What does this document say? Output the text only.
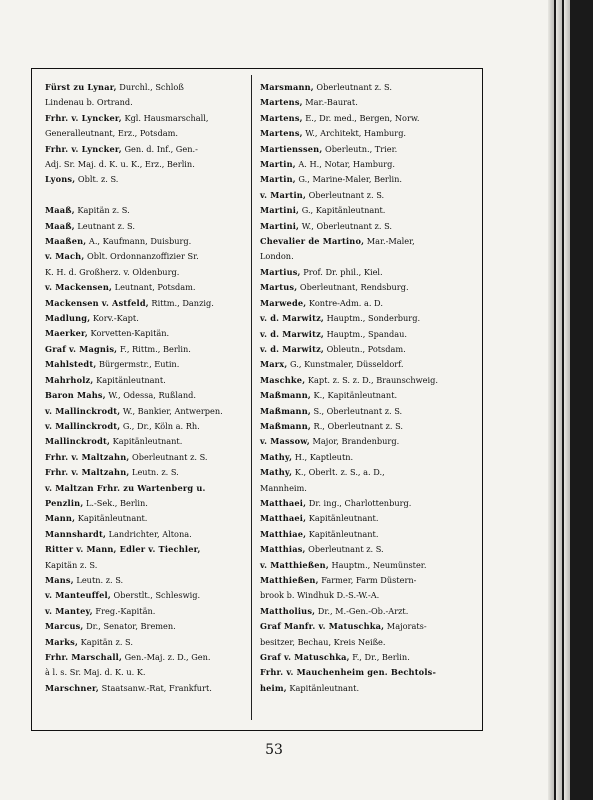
Fürst zu Lynar, Durchl., Schloß
Lindenau b. Ortrand.
Frhr. v. Lyncker, Kgl. Hausmarschall,
Generalleutnant, Erz., Potsdam.
Frhr. v. Lyncker, Gen. d. Inf., Gen.-
Adj. Sr. Maj. d. K. u. K., Erz., Berlin.
Lyons, Oblt. z. S.
Maaß, Kapitän z. S.
Maaß, Leutnant z. S.
Maaßen, A., Kaufmann, Duisburg.
v. Mach, Oblt. Ordonnanzoffizier Sr.
K. H. d. Großherz. v. Oldenburg.
v. Mackensen, Leutnant, Potsdam.
Mackensen v. Astfeld, Rittm., Danzig.
Madlung, Korv.-Kapt.
Maerker, Korvetten-Kapitän.
Graf v. Magnis, F., Rittm., Berlin.
Mahlstedt, Bürgermstr., Eutin.
Mahrholz, Kapitänleutnant.
Baron Mahs, W., Odessa, Rußland.
v. Mallinckrodt, W., Bankier, Antwerpen.
v. Mallinckrodt, G., Dr., Köln a. Rh.
Mallinckrodt, Kapitänleutnant.
Frhr. v. Maltzahn, Oberleutnant z. S.
Frhr. v. Maltzahn, Leutn. z. S.
v. Maltzan Frhr. zu Wartenberg u.
Penzlin, L.-Sek., Berlin.
Mann, Kapitänleutnant.
Mannshardt, Landrichter, Altona.
Ritter v. Mann, Edler v. Tiechler,
Kapitän z. S.
Mans, Leutn. z. S.
v. Manteuffel, Oberstlt., Schleswig.
v. Mantey, Freg.-Kapitän.
Marcus, Dr., Senator, Bremen.
Marks, Kapitän z. S.
Frhr. Marschall, Gen.-Maj. z. D., Gen.
à l. s. Sr. Maj. d. K. u. K.
Marschner, Staatsanw.-Rat, Frankfurt.
Marsmann, Oberleutnant z. S.
Martens, Mar.-Baurat.
Martens, E., Dr. med., Bergen, Norw.
Martens, W., Architekt, Hamburg.
Martienssen, Oberleutn., Trier.
Martin, A. H., Notar, Hamburg.
Martin, G., Marine-Maler, Berlin.
v. Martin, Oberleutnant z. S.
Martini, G., Kapitänleutnant.
Martini, W., Oberleutnant z. S.
Chevalier de Martino, Mar.-Maler,
London.
Martius, Prof. Dr. phil., Kiel.
Martus, Oberleutnant, Rendsburg.
Marwede, Kontre-Adm. a. D.
v. d. Marwitz, Hauptm., Sonderburg.
v. d. Marwitz, Hauptm., Spandau.
v. d. Marwitz, Obleutn., Potsdam.
Marx, G., Kunstmaler, Düsseldorf.
Maschke, Kapt. z. S. z. D., Braunschweig.
Maßmann, K., Kapitänleutnant.
Maßmann, S., Oberleutnant z. S.
Maßmann, R., Oberleutnant z. S.
v. Massow, Major, Brandenburg.
Mathy, H., Kaptleutn.
Mathy, K., Oberlt. z. S., a. D.,
Mannheim.
Matthaei, Dr. ing., Charlottenburg.
Matthaei, Kapitänleutnant.
Matthiae, Kapitänleutnant.
Matthias, Oberleutnant z. S.
v. Matthießen, Hauptm., Neumünster.
Matthießen, Farmer, Farm Düstern-
brook b. Windhuk D.-S.-W.-A.
Mattholius, Dr., M.-Gen.-Ob.-Arzt.
Graf Manfr. v. Matuschka, Majorats-
besitzer, Bechau, Kreis Neiße.
Graf v. Matuschka, F., Dr., Berlin.
Frhr. v. Mauchenheim gen. Bechtols-
heim, Kapitänleutnant.
53
